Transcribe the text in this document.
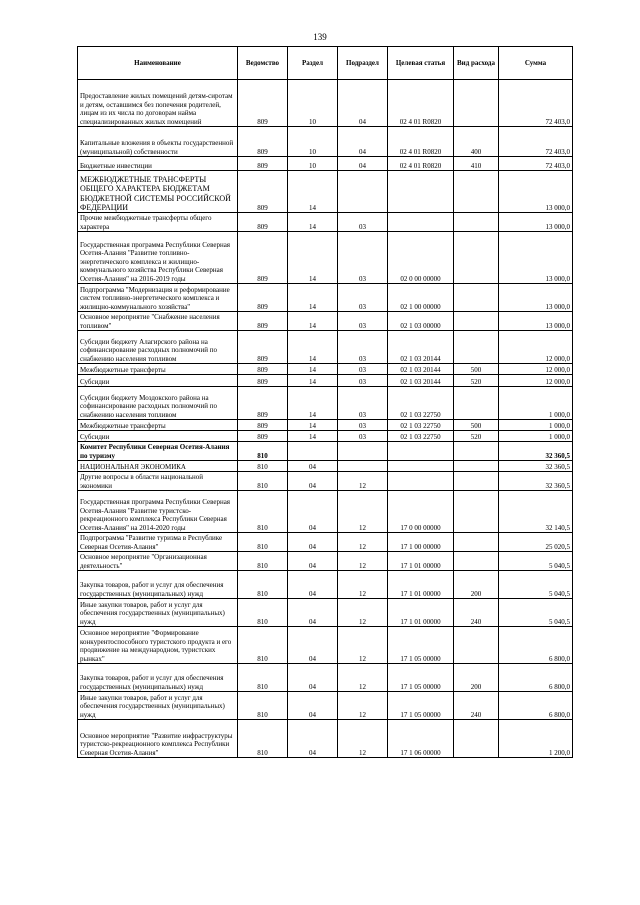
139
Наименование	Ведомство	Раздел	Подраздел	Целевая статья	Вид расхода	Сумма
Предоставление жилых помещений детям-сиротам и детям, оставшимся без попечения родителей, лицам из их числа по договорам найма специализированных жилых помещений	809	10	04	02 4 01 R0820		72 403,0
Капитальные вложения в объекты государственной (муниципальной) собственности	809	10	04	02 4 01 R0820	400	72 403,0
Бюджетные инвестиции	809	10	04	02 4 01 R0820	410	72 403,0
МЕЖБЮДЖЕТНЫЕ ТРАНСФЕРТЫ ОБЩЕГО ХАРАКТЕРА БЮДЖЕТАМ БЮДЖЕТНОЙ СИСТЕМЫ РОССИЙСКОЙ ФЕДЕРАЦИИ	809	14				13 000,0
Прочие межбюджетные трансферты общего характера	809	14	03			13 000,0
Государственная программа Республики Северная Осетия-Алания "Развитие топливно-энергетического комплекса и жилищно-коммунального хозяйства Республики Северная Осетия-Алания" на 2016-2019 годы	809	14	03	02 0 00 00000		13 000,0
Подпрограмма "Модернизация и реформирование систем топливно-энергетического комплекса и жилищно-коммунального хозяйства"	809	14	03	02 1 00 00000		13 000,0
Основное мероприятие "Снабжение населения топливом"	809	14	03	02 1 03 00000		13 000,0
Субсидии бюджету Алагирского района на софинансирование расходных полномочий по снабжению населения топливом	809	14	03	02 1 03 20144		12 000,0
Межбюджетные трансферты	809	14	03	02 1 03 20144	500	12 000,0
Субсидии	809	14	03	02 1 03 20144	520	12 000,0
Субсидии бюджету Моздокского района на софинансирование расходных полномочий по снабжению населения топливом	809	14	03	02 1 03 22750		1 000,0
Межбюджетные трансферты	809	14	03	02 1 03 22750	500	1 000,0
Субсидии	809	14	03	02 1 03 22750	520	1 000,0
Комитет Республики Северная Осетия-Алания по туризму	810					32 360,5
НАЦИОНАЛЬНАЯ ЭКОНОМИКА	810	04				32 360,5
Другие вопросы в области национальной экономики	810	04	12			32 360,5
Государственная программа Республики Северная Осетия-Алания "Развитие туристско-рекреационного комплекса Республики Северная Осетия-Алания" на 2014-2020 годы	810	04	12	17 0 00 00000		32 140,5
Подпрограмма "Развитие туризма в Республике Северная Осетия-Алания"	810	04	12	17 1 00 00000		25 020,5
Основное мероприятие "Организационная деятельность"	810	04	12	17 1 01 00000		5 040,5
Закупка товаров, работ и услуг для обеспечения государственных (муниципальных) нужд	810	04	12	17 1 01 00000	200	5 040,5
Иные закупки товаров, работ и услуг для обеспечения государственных (муниципальных) нужд	810	04	12	17 1 01 00000	240	5 040,5
Основное мероприятие "Формирование конкурентоспособного туристского продукта и его продвижение на международном, туристских рынках"	810	04	12	17 1 05 00000		6 800,0
Закупка товаров, работ и услуг для обеспечения государственных (муниципальных) нужд	810	04	12	17 1 05 00000	200	6 800,0
Иные закупки товаров, работ и услуг для обеспечения государственных (муниципальных) нужд	810	04	12	17 1 05 00000	240	6 800,0
Основное мероприятие "Развитие инфраструктуры туристско-рекреационного комплекса Республики Северная Осетия-Алания"	810	04	12	17 1 06 00000		1 200,0
